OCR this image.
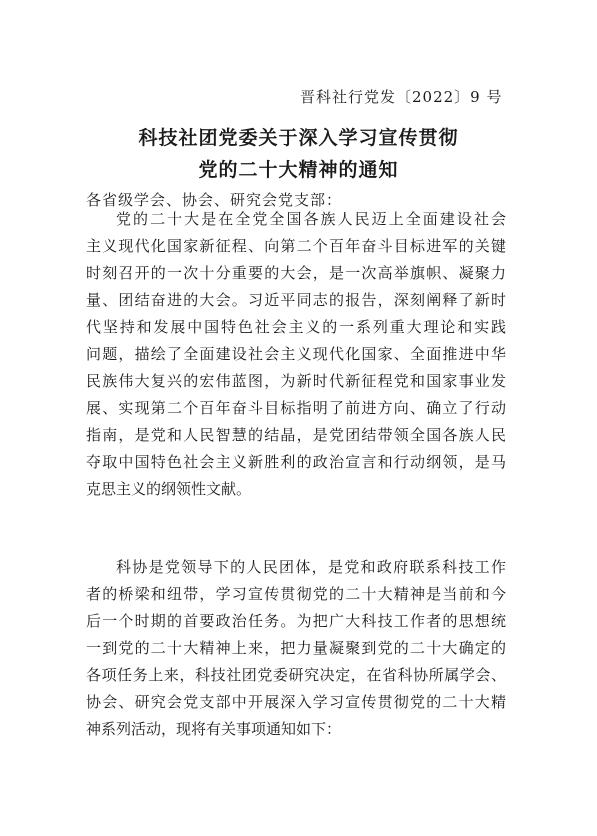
晋科社行党发〔2022〕9 号
科技社团党委关于深入学习宣传贯彻
党的二十大精神的通知
各省级学会、协会、研究会党支部：
党的二十大是在全党全国各族人民迈上全面建设社会
主义现代化国家新征程、向第二个百年奋斗目标进军的关键
时刻召开的一次十分重要的大会，是一次高举旗帜、凝聚力
量、团结奋进的大会。习近平同志的报告，深刻阐释了新时
代坚持和发展中国特色社会主义的一系列重大理论和实践
问题，描绘了全面建设社会主义现代化国家、全面推进中华
民族伟大复兴的宏伟蓝图，为新时代新征程党和国家事业发
展、实现第二个百年奋斗目标指明了前进方向、确立了行动
指南，是党和人民智慧的结晶，是党团结带领全国各族人民
夺取中国特色社会主义新胜利的政治宣言和行动纲领，是马
克思主义的纲领性文献。
科协是党领导下的人民团体，是党和政府联系科技工作
者的桥梁和纽带，学习宣传贯彻党的二十大精神是当前和今
后一个时期的首要政治任务。为把广大科技工作者的思想统
一到党的二十大精神上来，把力量凝聚到党的二十大确定的
各项任务上来，科技社团党委研究决定，在省科协所属学会、
协会、研究会党支部中开展深入学习宣传贯彻党的二十大精
神系列活动，现将有关事项通知如下：
